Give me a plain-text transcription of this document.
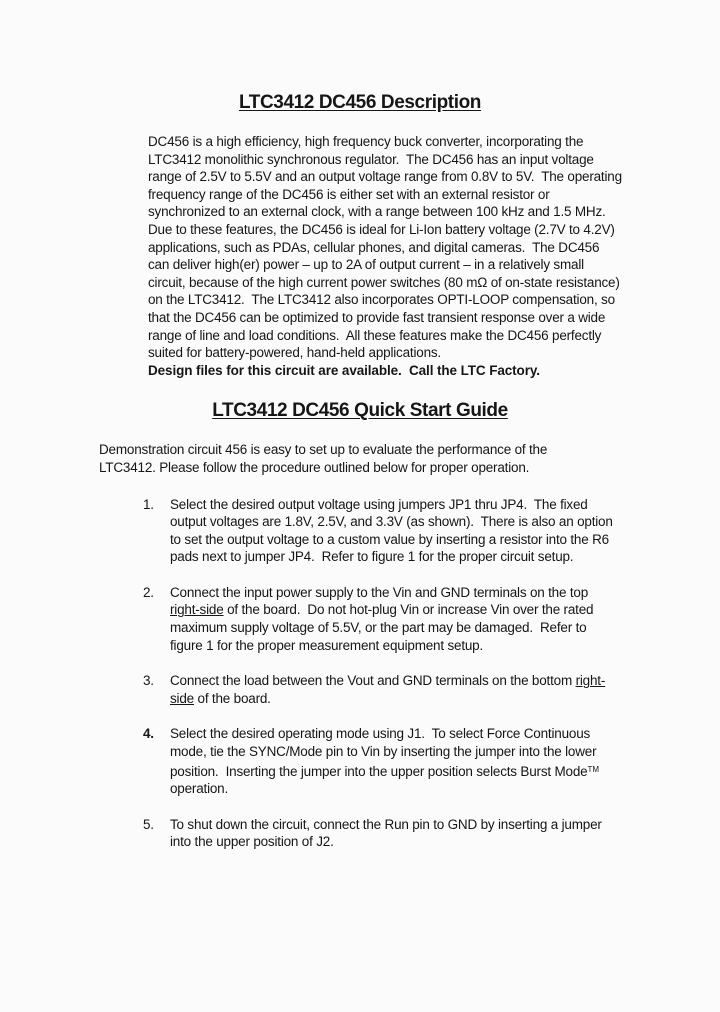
LTC3412 DC456 Description

DC456 is a high efficiency, high frequency buck converter, incorporating the LTC3412 monolithic synchronous regulator.  The DC456 has an input voltage range of 2.5V to 5.5V and an output voltage range from 0.8V to 5V.  The operating frequency range of the DC456 is either set with an external resistor or synchronized to an external clock, with a range between 100 kHz and 1.5 MHz.  Due to these features, the DC456 is ideal for Li-Ion battery voltage (2.7V to 4.2V) applications, such as PDAs, cellular phones, and digital cameras.  The DC456 can deliver high(er) power – up to 2A of output current – in a relatively small circuit, because of the high current power switches (80 mΩ of on-state resistance) on the LTC3412.  The LTC3412 also incorporates OPTI-LOOP compensation, so that the DC456 can be optimized to provide fast transient response over a wide range of line and load conditions.  All these features make the DC456 perfectly suited for battery-powered, hand-held applications.

Design files for this circuit are available.  Call the LTC Factory.

LTC3412 DC456 Quick Start Guide

Demonstration circuit 456 is easy to set up to evaluate the performance of the LTC3412. Please follow the procedure outlined below for proper operation.

1.	Select the desired output voltage using jumpers JP1 thru JP4.  The fixed output voltages are 1.8V, 2.5V, and 3.3V (as shown).  There is also an option to set the output voltage to a custom value by inserting a resistor into the R6 pads next to jumper JP4.  Refer to figure 1 for the proper circuit setup.
2.	Connect the input power supply to the Vin and GND terminals on the top right-side of the board.  Do not hot-plug Vin or increase Vin over the rated maximum supply voltage of 5.5V, or the part may be damaged.  Refer to figure 1 for the proper measurement equipment setup.
3.	Connect the load between the Vout and GND terminals on the bottom right-side of the board.
4.	Select the desired operating mode using J1.  To select Force Continuous mode, tie the SYNC/Mode pin to Vin by inserting the jumper into the lower position.  Inserting the jumper into the upper position selects Burst Mode™ operation.
5.	To shut down the circuit, connect the Run pin to GND by inserting a jumper into the upper position of J2.
